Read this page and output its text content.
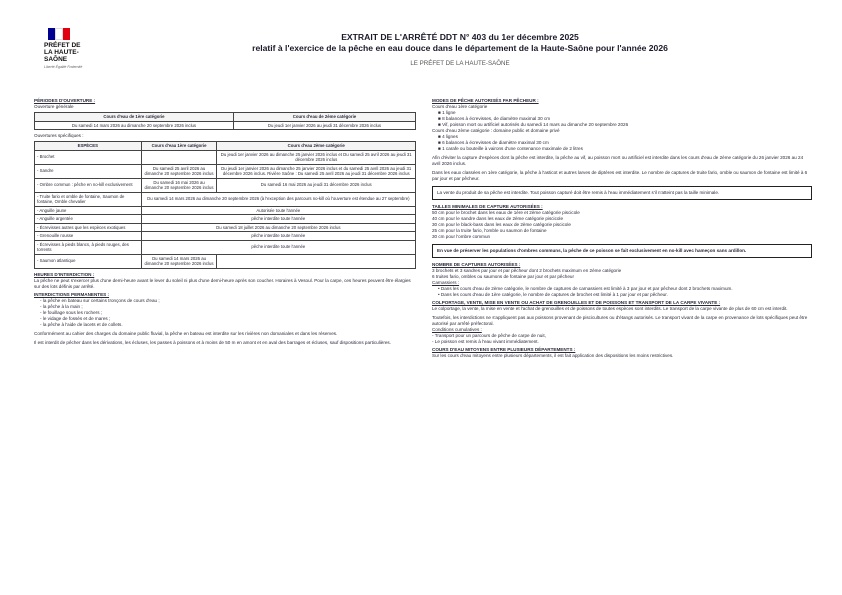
PRÉFET DE LA HAUTE-SAÔNE
Liberté Égalité Fraternité
EXTRAIT DE L'ARRÊTÉ DDT N° 403 du 1er décembre 2025
relatif à l'exercice de la pêche en eau douce dans le département de la Haute-Saône pour l'année 2026
LE PRÉFET DE LA HAUTE-SAÔNE
PÉRIODES D'OUVERTURE :
Ouverture générale
Cours d'eau de 1ère catégorie	Cours d'eau de 2ème catégorie
Du samedi 14 mars 2026 au dimanche 20 septembre 2026 inclus	Du jeudi 1er janvier 2026 au jeudi 31 décembre 2026 inclus
Ouvertures spécifiques :
ESPÈCES	Cours d'eau 1ère catégorie	Cours d'eau 2ème catégorie
- Brochet		Du jeudi 1er janvier 2026 au dimanche 25 janvier 2026 inclus et Du samedi 25 avril 2026 au jeudi 31 décembre 2026 inclus
- Sandre	Du samedi 25 avril 2026 au dimanche 20 septembre 2026 inclus	Du jeudi 1er janvier 2026 au dimanche 25 janvier 2026 inclus et du samedi 25 avril 2026 au jeudi 31 décembre 2026 inclus. Rivière Saône : Du samedi 25 avril 2026 au jeudi 31 décembre 2026 inclus
- Ombre commun : pêche en no-kill exclusivement	Du samedi 16 mai 2026 au dimanche 20 septembre 2026 inclus	Du samedi 16 mai 2026 au jeudi 31 décembre 2026 inclus
- Truite fario et omble de fontaine, Saumon de fontaine, Omble chevalier	Du samedi 14 mars 2026 au dimanche 20 septembre 2026 (à l'exception des parcours no-kill où l'ouverture est étendue au 27 septembre)	
- Anguille jaune	Autorisée toute l'année	
- Anguille argentée	pêche interdite toute l'année	
- Écrevisses autres que les espèces exotiques	Du samedi 18 juillet 2026 au dimanche 20 septembre 2026 inclus	
- Grenouille rousse	pêche interdite toute l'année	
- Écrevisses à pieds blancs, à pieds rouges, des torrents	pêche interdite toute l'année	
- Saumon atlantique	Du samedi 14 mars 2026 au dimanche 20 septembre 2026 inclus	
HEURES D'INTERDICTION :

La pêche ne peut s'exercer plus d'une demi-heure avant le lever du soleil ni plus d'une demi-heure après son coucher. Horaires à Vesoul. Pour la carpe, ces heures peuvent être élargies sur des lots définis par arrêté.

INTERDICTIONS PERMANENTES :
- la pêche en bateau sur certains tronçons de cours d'eau ;
- la pêche à la main ;
- le fouillage sous les rochers ;
- le vidage de fossés et de mares ;
- la pêche à l'aide de lacets et de collets.

Conformément au cahier des charges du domaine public fluvial, la pêche en bateau est interdite sur les rivières non domaniales et dans les réserves.

Il est interdit de pêcher dans les dérivations, les écluses, les passes à poissons et à moins de 50 m en amont et en aval des barrages et écluses, sauf dispositions particulières.

MODES DE PÊCHE AUTORISÉS PAR PÊCHEUR :
Cours d'eau 1ère catégorie
■ 1 ligne
■ 8 balances à écrevisses, de diamètre maximal 30 cm
■ Vif, poisson mort ou artificiel autorisés du samedi 14 mars au dimanche 20 septembre 2026
Cours d'eau 2ème catégorie : domaine public et domaine privé
■ 4 lignes
■ 6 balances à écrevisses de diamètre maximal 30 cm
■ 1 carafe ou bouteille à vairons d'une contenance maximale de 2 litres

Afin d'éviter la capture d'espèces dont la pêche est interdite, la pêche au vif, au poisson mort ou artificiel est interdite dans les cours d'eau de 2ème catégorie du 26 janvier 2026 au 24 avril 2026 inclus.

Dans les eaux classées en 1ère catégorie, la pêche à l'asticot et autres larves de diptères est interdite. Le nombre de captures de truite fario, omble ou saumon de fontaine est limité à 6 par jour et par pêcheur.

La vente du produit de sa pêche est interdite. Tout poisson capturé doit être remis à l'eau immédiatement s'il n'atteint pas la taille minimale.
TAILLES MINIMALES DE CAPTURE AUTORISÉES :
50 cm pour le brochet dans les eaux de 1ère et 2ème catégorie piscicole
40 cm pour le sandre dans les eaux de 2ème catégorie piscicole
30 cm pour le black-bass dans les eaux de 2ème catégorie piscicole
25 cm pour la truite fario, l'omble ou saumon de fontaine
30 cm pour l'ombre commun
En vue de préserver les populations d'ombres communs, la pêche de ce poisson se fait exclusivement en no-kill avec hameçon sans ardillon.
NOMBRE DE CAPTURES AUTORISÉES :
3 brochets et 3 sandres par jour et par pêcheur dont 2 brochets maximum en 2ème catégorie
6 truites fario, ombles ou saumons de fontaine par jour et par pêcheur
Carnassiers :
• Dans les cours d'eau de 2ème catégorie, le nombre de captures de carnassiers est limité à 3 par jour et par pêcheur dont 2 brochets maximum.
• Dans les cours d'eau de 1ère catégorie, le nombre de captures de brochet est limité à 1 par jour et par pêcheur.
COLPORTAGE, VENTE, MISE EN VENTE OU ACHAT DE GRENOUILLES ET DE POISSONS ET TRANSPORT DE LA CARPE VIVANTE :

Le colportage, la vente, la mise en vente et l'achat de grenouilles et de poissons de toutes espèces sont interdits. Le transport de la carpe vivante de plus de 60 cm est interdit.

Toutefois, les interdictions ne s'appliquent pas aux poissons provenant de piscicultures ou d'étangs autorisés. Le transport vivant de la carpe en provenance de lots spécifiques peut être autorisé par arrêté préfectoral.

Conditions cumulatives :
- Transport pour un parcours de pêche de carpe de nuit,
- Le poisson est remis à l'eau vivant immédiatement.
COURS D'EAU MITOYENS ENTRE PLUSIEURS DÉPARTEMENTS :

Sur les cours d'eau mitoyens entre plusieurs départements, il est fait application des dispositions les moins restrictives.
